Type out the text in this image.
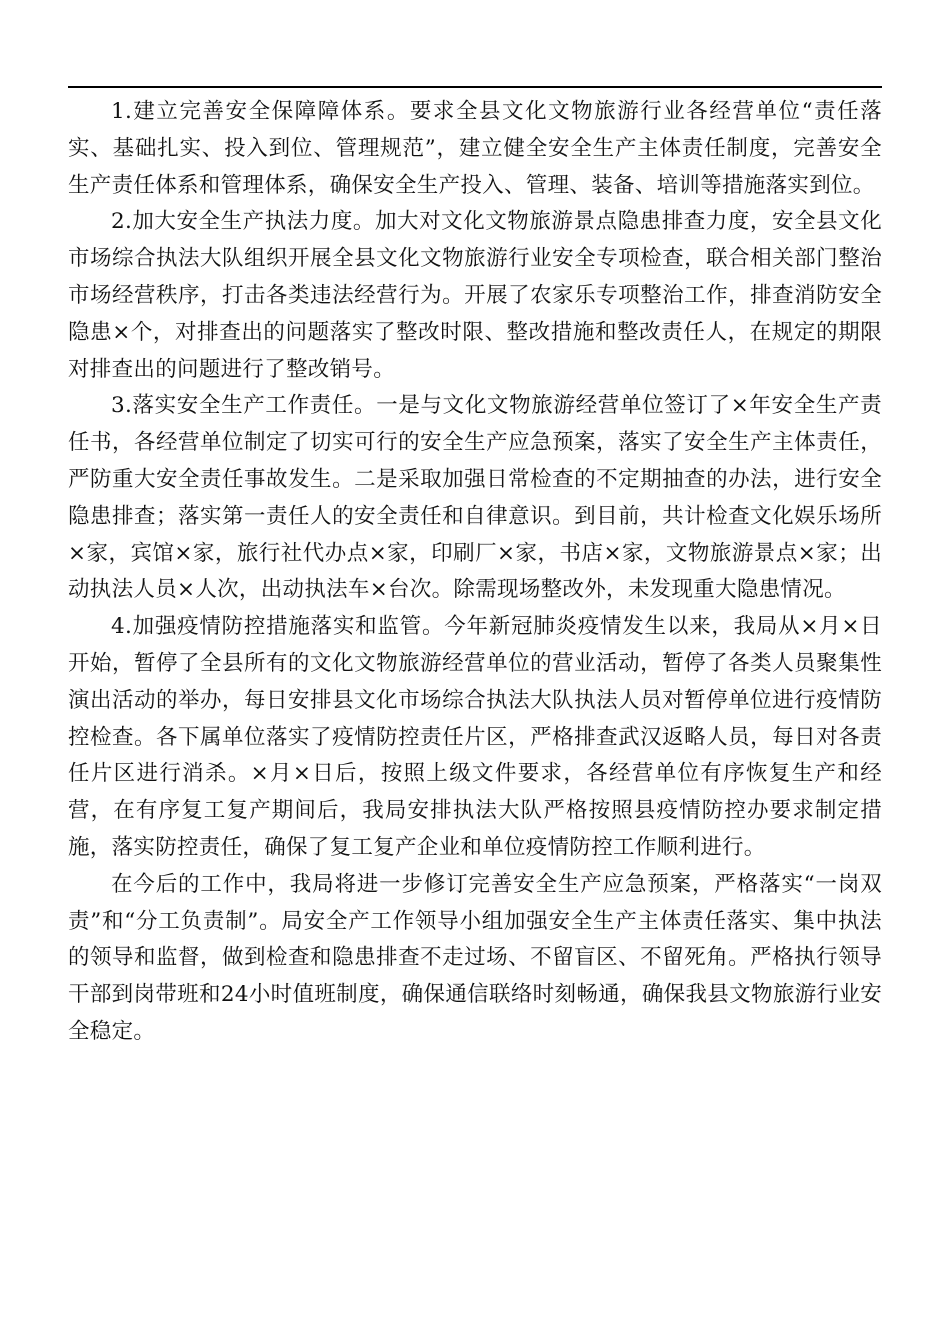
1.建立完善安全保障障体系。要求全县文化文物旅游行业各经营单位“责任落实、基础扎实、投入到位、管理规范”，建立健全安全生产主体责任制度，完善安全生产责任体系和管理体系，确保安全生产投入、管理、装备、培训等措施落实到位。

2.加大安全生产执法力度。加大对文化文物旅游景点隐患排查力度，安全县文化市场综合执法大队组织开展全县文化文物旅游行业安全专项检查，联合相关部门整治市场经营秩序，打击各类违法经营行为。开展了农家乐专项整治工作，排查消防安全隐患×个，对排查出的问题落实了整改时限、整改措施和整改责任人，在规定的期限对排查出的问题进行了整改销号。

3.落实安全生产工作责任。一是与文化文物旅游经营单位签订了×年安全生产责任书，各经营单位制定了切实可行的安全生产应急预案，落实了安全生产主体责任，严防重大安全责任事故发生。二是采取加强日常检查的不定期抽查的办法，进行安全隐患排查；落实第一责任人的安全责任和自律意识。到目前，共计检查文化娱乐场所×家，宾馆×家，旅行社代办点×家，印刷厂×家，书店×家，文物旅游景点×家；出动执法人员×人次，出动执法车×台次。除需现场整改外，未发现重大隐患情况。

4.加强疫情防控措施落实和监管。今年新冠肺炎疫情发生以来，我局从×月×日开始，暂停了全县所有的文化文物旅游经营单位的营业活动，暂停了各类人员聚集性演出活动的举办，每日安排县文化市场综合执法大队执法人员对暂停单位进行疫情防控检查。各下属单位落实了疫情防控责任片区，严格排查武汉返略人员，每日对各责任片区进行消杀。×月×日后，按照上级文件要求，各经营单位有序恢复生产和经营，在有序复工复产期间后，我局安排执法大队严格按照县疫情防控办要求制定措施，落实防控责任，确保了复工复产企业和单位疫情防控工作顺利进行。

在今后的工作中，我局将进一步修订完善安全生产应急预案，严格落实“一岗双责”和“分工负责制”。局安全产工作领导小组加强安全生产主体责任落实、集中执法的领导和监督，做到检查和隐患排查不走过场、不留盲区、不留死角。严格执行领导干部到岗带班和24小时值班制度，确保通信联络时刻畅通，确保我县文物旅游行业安全稳定。
